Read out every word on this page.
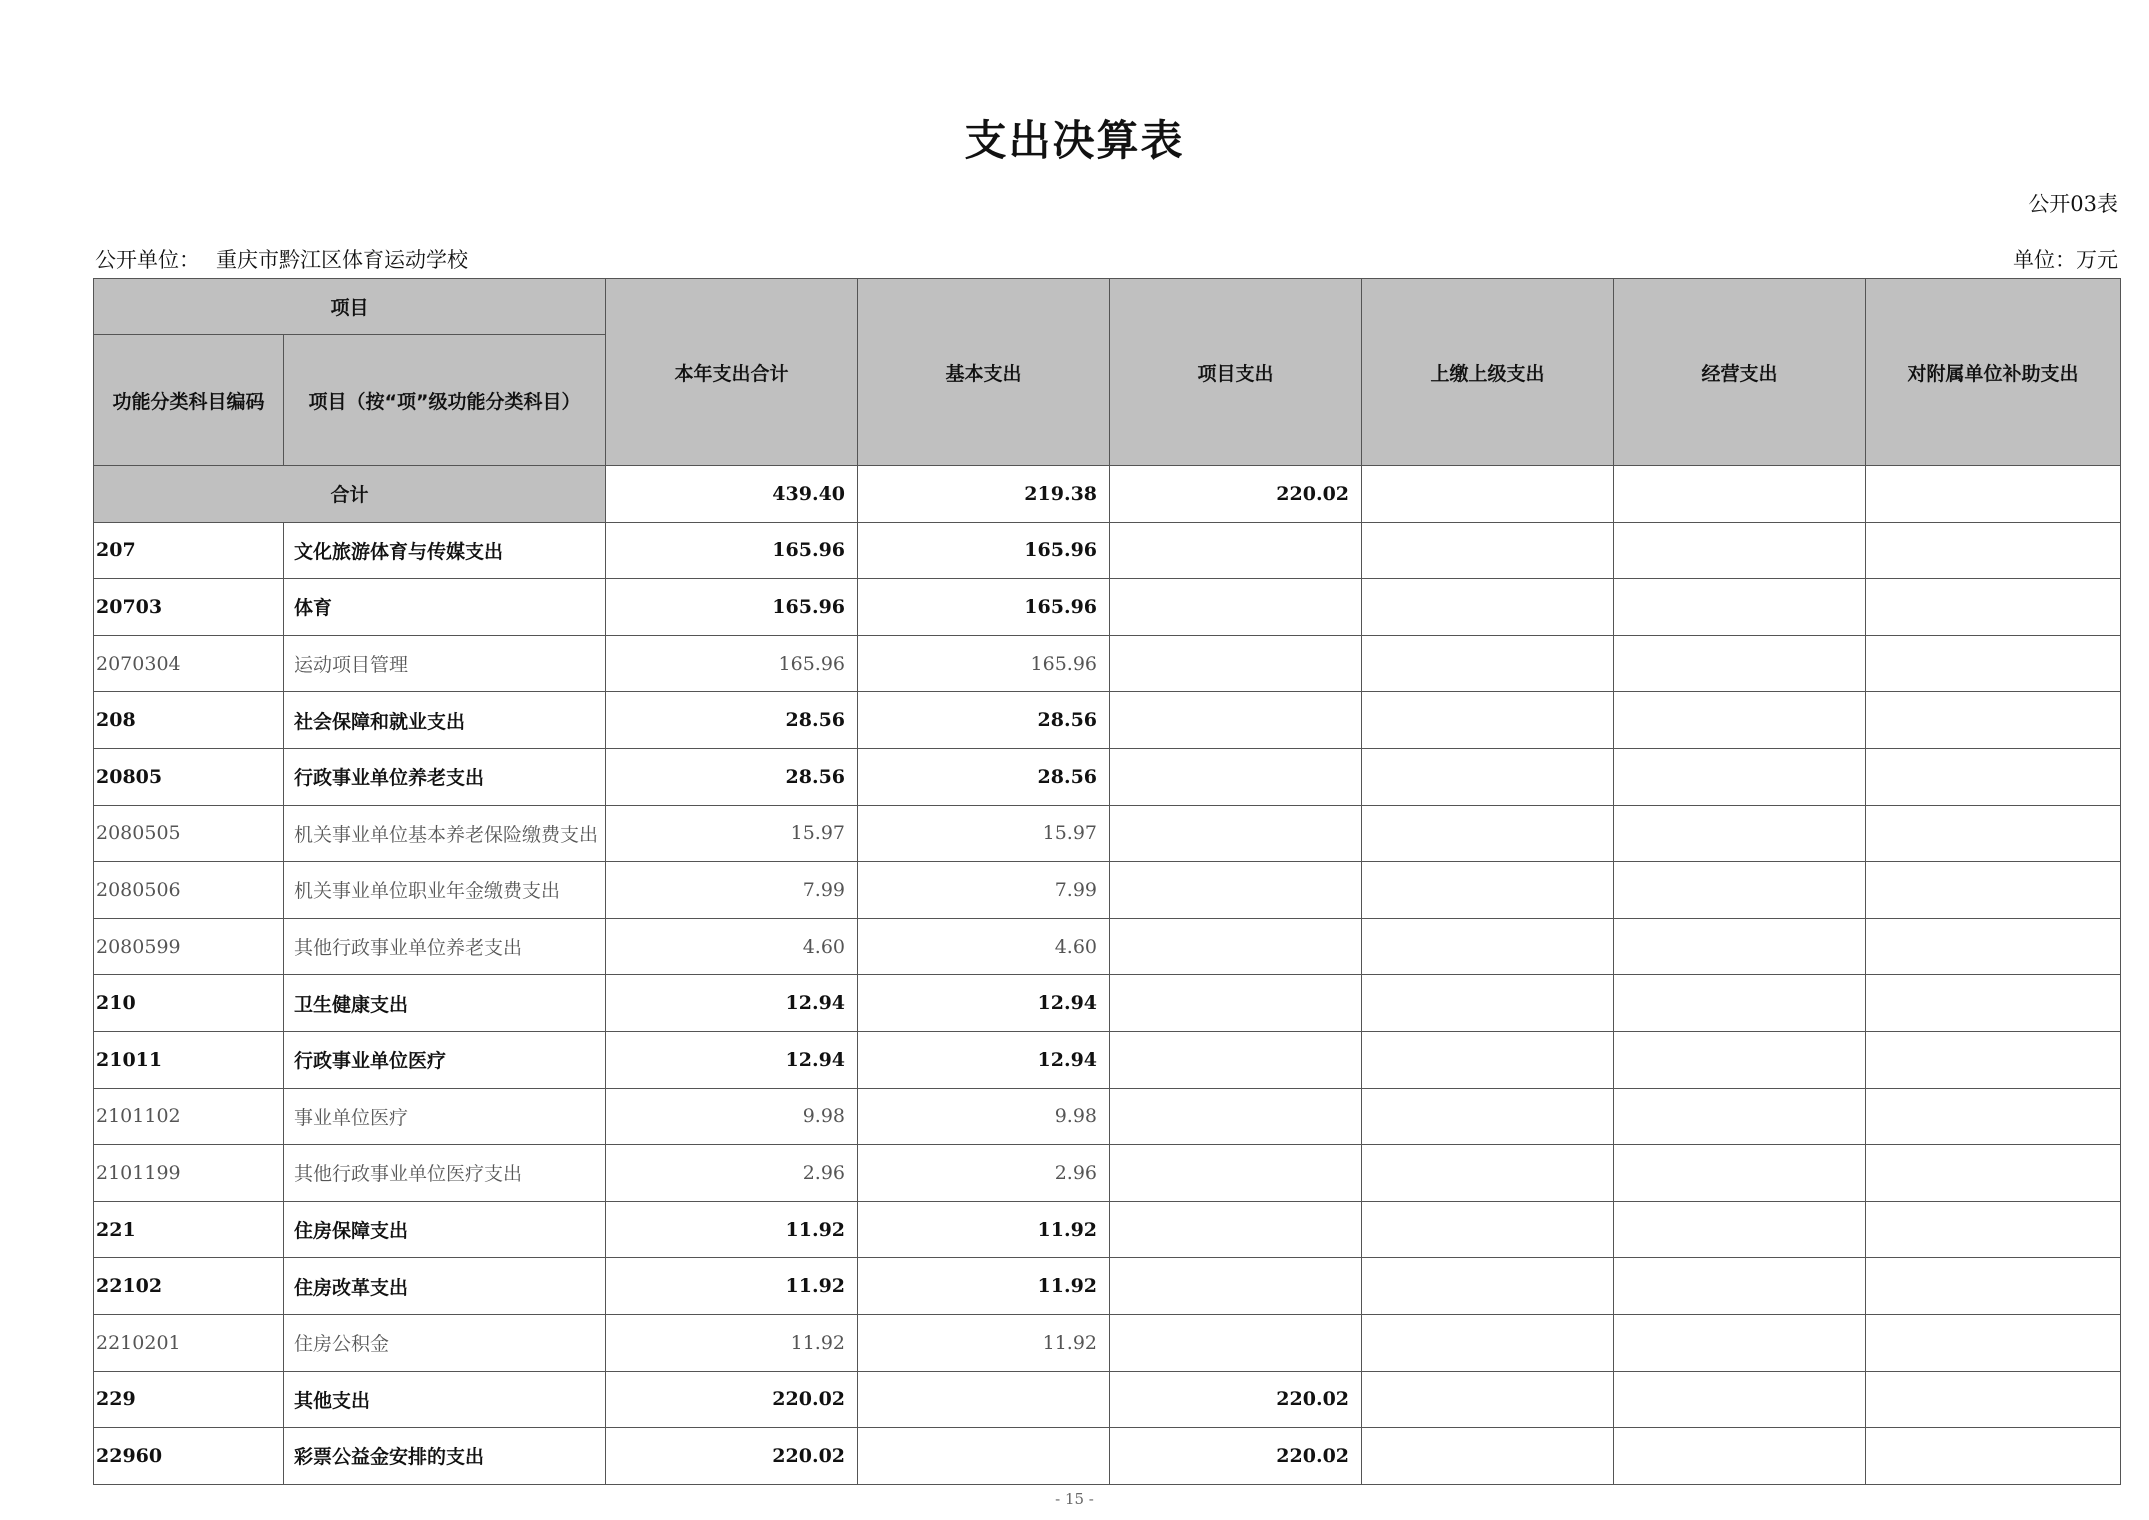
支出决算表
公开03表
公开单位： 重庆市黔江区体育运动学校	单位：万元
项目		本年支出合计	基本支出	项目支出	上缴上级支出	经营支出	对附属单位补助支出
功能分类科目编码	项目（按“项”级功能分类科目）						
合计		439.40	219.38	220.02			
207	文化旅游体育与传媒支出	165.96	165.96				
20703	体育	165.96	165.96				
2070304	运动项目管理	165.96	165.96				
208	社会保障和就业支出	28.56	28.56				
20805	行政事业单位养老支出	28.56	28.56				
2080505	机关事业单位基本养老保险缴费支出	15.97	15.97				
2080506	机关事业单位职业年金缴费支出	7.99	7.99				
2080599	其他行政事业单位养老支出	4.60	4.60				
210	卫生健康支出	12.94	12.94				
21011	行政事业单位医疗	12.94	12.94				
2101102	事业单位医疗	9.98	9.98				
2101199	其他行政事业单位医疗支出	2.96	2.96				
221	住房保障支出	11.92	11.92				
22102	住房改革支出	11.92	11.92				
2210201	住房公积金	11.92	11.92				
229	其他支出	220.02		220.02			
22960	彩票公益金安排的支出	220.02		220.02			
- 15 -
